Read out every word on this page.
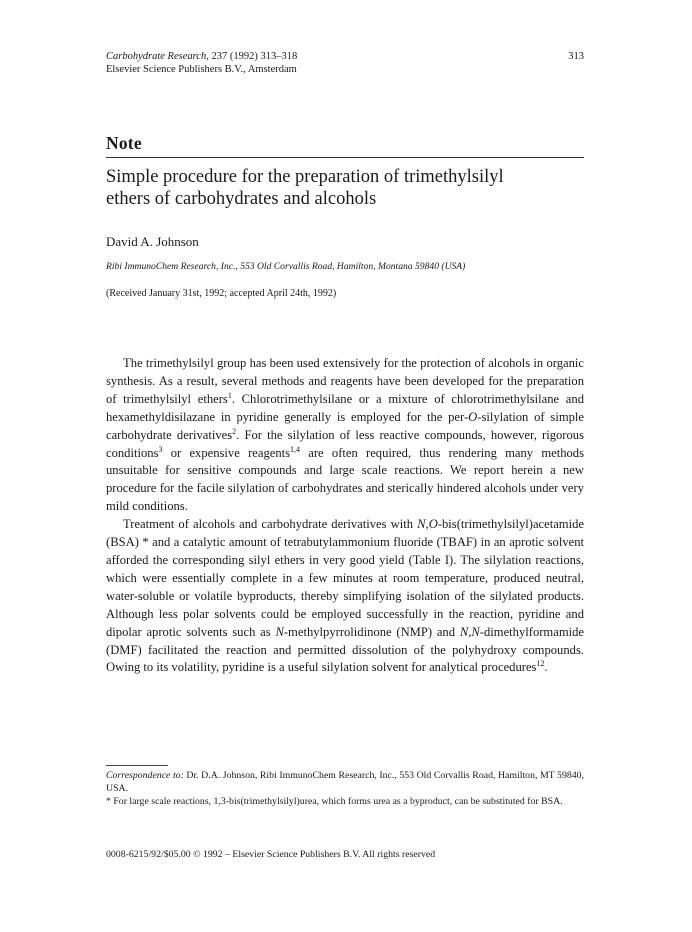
Carbohydrate Research, 237 (1992) 313–318
Elsevier Science Publishers B.V., Amsterdam
313
Note
Simple procedure for the preparation of trimethylsilyl
ethers of carbohydrates and alcohols
David A. Johnson
Ribi ImmunoChem Research, Inc., 553 Old Corvallis Road, Hamilton, Montana 59840 (USA)
(Received January 31st, 1992; accepted April 24th, 1992)

The trimethylsilyl group has been used extensively for the protection of alcohols in organic synthesis. As a result, several methods and reagents have been developed for the preparation of trimethylsilyl ethers$^1$. Chlorotrimethylsilane or a mixture of chlorotrimethylsilane and hexamethyldisilazane in pyridine generally is employed for the per-O-silylation of simple carbohydrate derivatives$^2$. For the silylation of less reactive compounds, however, rigorous conditions$^3$ or expensive reagents$^{1,4}$ are often required, thus rendering many methods unsuitable for sensitive compounds and large scale reactions. We report herein a new procedure for the facile silylation of carbohydrates and sterically hindered alcohols under very mild conditions.

Treatment of alcohols and carbohydrate derivatives with N,O-bis(trimethylsilyl)acetamide (BSA) * and a catalytic amount of tetrabutylammonium fluoride (TBAF) in an aprotic solvent afforded the corresponding silyl ethers in very good yield (Table I). The silylation reactions, which were essentially complete in a few minutes at room temperature, produced neutral, water-soluble or volatile byproducts, thereby simplifying isolation of the silylated products. Although less polar solvents could be employed successfully in the reaction, pyridine and dipolar aprotic solvents such as N-methylpyrrolidinone (NMP) and N,N-dimethylformamide (DMF) facilitated the reaction and permitted dissolution of the polyhydroxy compounds. Owing to its volatility, pyridine is a useful silylation solvent for analytical procedures$^{12}$.

Correspondence to: Dr. D.A. Johnson, Ribi ImmunoChem Research, Inc., 553 Old Corvallis Road, Hamilton, MT 59840, USA.

* For large scale reactions, 1,3-bis(trimethylsilyl)urea, which forms urea as a byproduct, can be substituted for BSA.

0008-6215/92/$05.00 © 1992 – Elsevier Science Publishers B.V. All rights reserved
